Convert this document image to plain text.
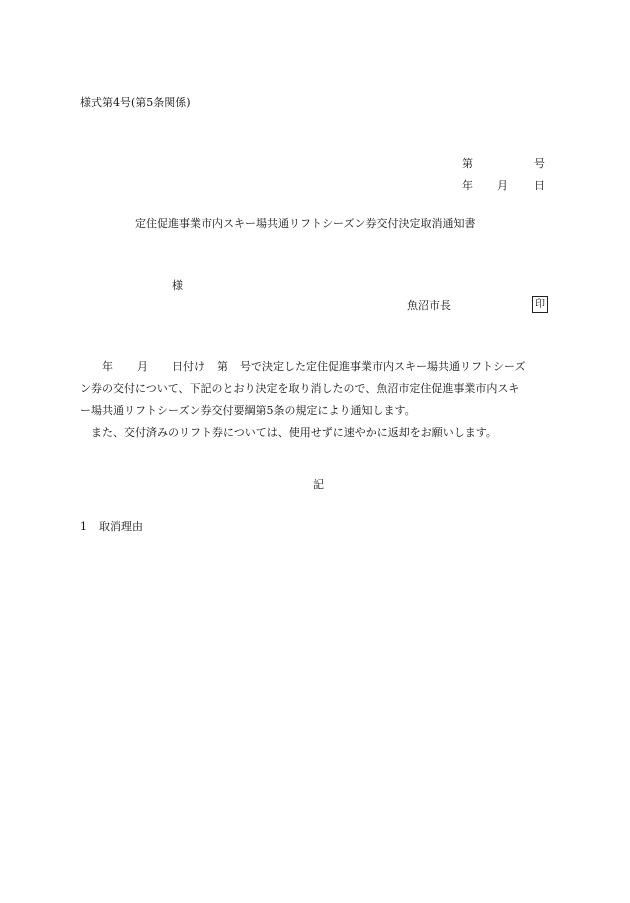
様式第4号(第5条関係)
第	号
年 月 日
定住促進事業市内スキー場共通リフトシーズン券交付決定取消通知書
様
魚沼市長	印
年 月 日付け 第 号で決定した定住促進事業市内スキー場共通リフトシーズ
ン券の交付について、下記のとおり決定を取り消したので、魚沼市定住促進事業市内スキ
ー場共通リフトシーズン券交付要綱第5条の規定により通知します。
　また、交付済みのリフト券については、使用せずに速やかに返却をお願いします。
記
1 取消理由
